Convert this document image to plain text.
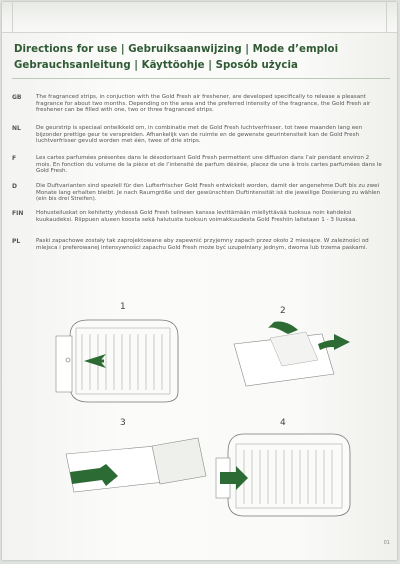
Directions for use | Gebruiksaanwijzing | Mode d’emploi
Gebrauchsanleitung | Käyttöohje | Sposób użycia
GB	The fragranced strips, in conjuction with the Gold Fresh air freshener, are developed specifically to release a pleasant fragrance for about two months. Depending on the area and the preferred intensity of the fragrance, the Gold Fresh air freshener can be filled with one, two or three fragranced strips.
NL	De geurstrip is speciaal ontwikkeld om, in combinatie met de Gold Fresh luchtverfrisser, tot twee maanden lang een bijzonder prettige geur te verspreiden. Afhankelijk van de ruimte en de gewenste geurintensiteit kan de Gold Fresh luchtverfrisser gevuld worden met één, twee of drie strips.
F	Les cartes parfumées présentes dans le désodorisant Gold Fresh permettent une diffusion dans l’air pendant environ 2 mois. En fonction du volume de la pièce et de l’intensité de parfum désirée, placez de une à trois cartes parfumées dans le Gold Fresh.
D	Die Duftvarianten sind speziell für den Lufterfrischer Gold Fresh entwickelt worden, damit der angenehme Duft bis zu zwei Monate lang erhalten bleibt. Je nach Raumgröße und der gewünschten Duftintensität ist die jeweilige Dosierung zu wählen (ein bis drei Streifen).
FIN Hohusteiluskat on kehitetty yhdessä Gold Fresh telineen kanssa levittämään miellyttävää tuoksua noin kahdeksi kuukaudeksi. Riippuen alueen koosta sekä halutusta tuoksun voimakkuudesta Gold Freshiin laitetaan 1 - 3 liuskaa.
PL	Paski zapachowe zostały tak zaprojektowane aby zapewnić przyjemny zapach przez około 2 miesiące. W zależności od miejsca i preferowanej intensywności zapachu Gold Fresh może być uzupełniany jednym, dwoma lub trzema paskami.
1	2
3	4
01
